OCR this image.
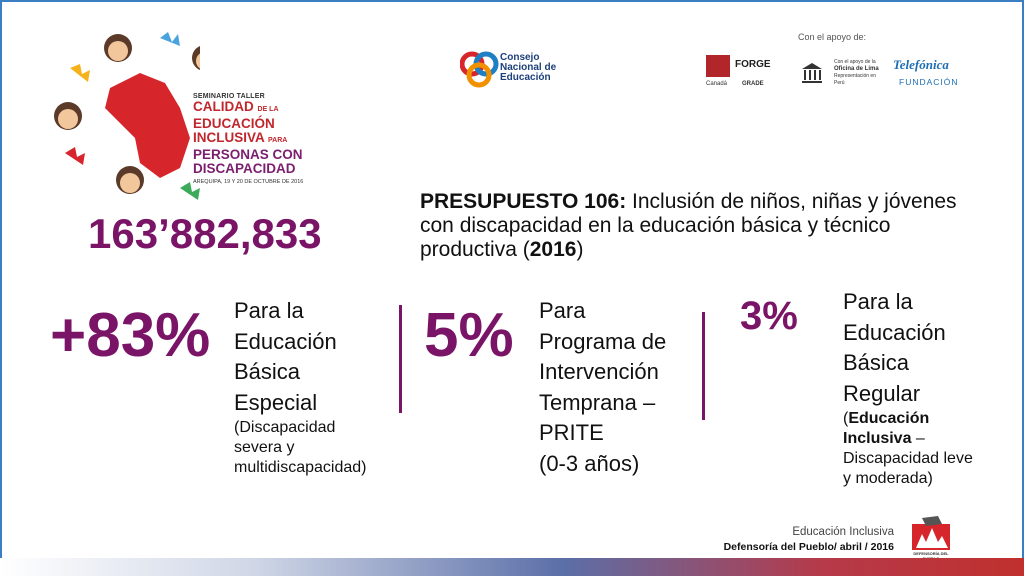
SEMINARIO TALLER
CALIDAD DE LA
EDUCACIÓN
INCLUSIVA PARA
PERSONAS CON
DISCAPACIDAD
AREQUIPA, 19 Y 20 DE OCTUBRE DE 2016
Consejo
Nacional de
Educación
Con el apoyo de:
FORGE
Canadá GRADE
Con el apoyo de la
Oficina de Lima
Representación en Perú
Telefónica
FUNDACIÓN
163’882,833
PRESUPUESTO 106: Inclusión de niños, niñas y jóvenes con discapacidad en la educación básica y técnico productiva (2016)
+83% Para la
Educación
Básica
Especial
(Discapacidad
severa y
multidiscapacidad)
5% Para
Programa de
Intervención
Temprana –
PRITE
(0-3 años)
3% Para la
Educación
Básica
Regular
(Educación
Inclusiva –
Discapacidad leve
y moderada)
Educación Inclusiva
Defensoría del Pueblo/ abril / 2016
DEFENSORÍA DEL
